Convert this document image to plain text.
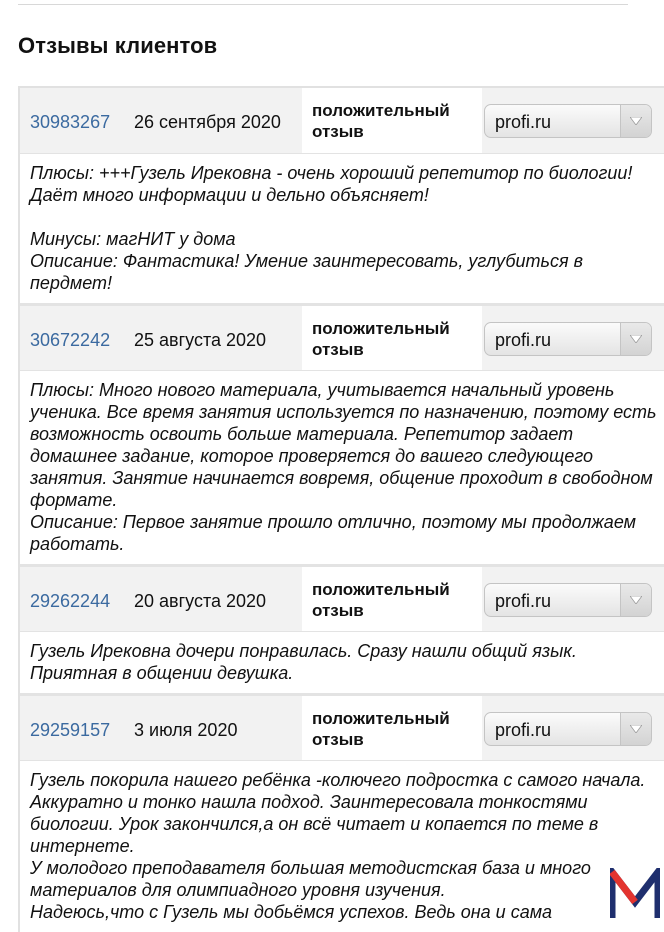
Отзывы клиентов
30983267 26 сентября 2020
положительный отзыв	profi.ru

Плюсы: +++Гузель Ирековна - очень хороший репетитор по биологии! Даёт много информации и дельно объясняет!

Минусы: магНИТ у дома

Описание: Фантастика! Умение заинтересовать, углубиться в пердмет!

30672242 25 августа 2020
положительный отзыв	profi.ru

Плюсы: Много нового материала, учитывается начальный уровень ученика. Все время занятия используется по назначению, поэтому есть возможность освоить больше материала. Репетитор задает домашнее задание, которое проверяется до вашего следующего занятия. Занятие начинается вовремя, общение проходит в свободном формате.

Описание: Первое занятие прошло отлично, поэтому мы продолжаем работать.

29262244 20 августа 2020
положительный отзыв	profi.ru

Гузель Ирековна дочери понравилась. Сразу нашли общий язык. Приятная в общении девушка.

29259157 3 июля 2020
положительный отзыв	profi.ru

Гузель покорила нашего ребёнка -колючего подростка с самого начала. Аккуратно и тонко нашла подход. Заинтересовала тонкостями биологии. Урок закончился,а он всё читает и копается по теме в интернете.

У молодого преподавателя большая методистская база и много материалов для олимпиадного уровня изучения.

Надеюсь,что с Гузель мы добьёмся успехов. Ведь она и сама
